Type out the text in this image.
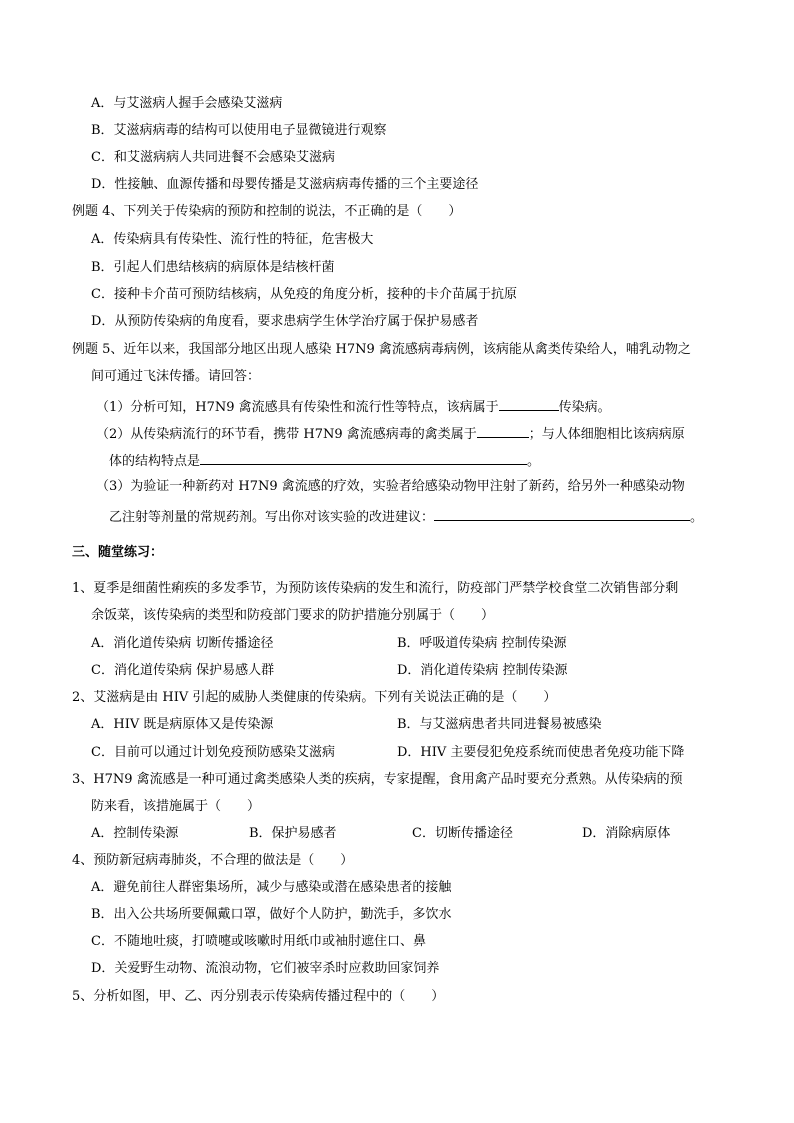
A．与艾滋病人握手会感染艾滋病
B．艾滋病病毒的结构可以使用电子显微镜进行观察
C．和艾滋病病人共同进餐不会感染艾滋病
D．性接触、血源传播和母婴传播是艾滋病病毒传播的三个主要途径
例题 4、下列关于传染病的预防和控制的说法，不正确的是（　　）
A．传染病具有传染性、流行性的特征，危害极大
B．引起人们患结核病的病原体是结核杆菌
C．接种卡介苗可预防结核病，从免疫的角度分析，接种的卡介苗属于抗原
D．从预防传染病的角度看，要求患病学生休学治疗属于保护易感者
例题 5、近年以来，我国部分地区出现人感染 H7N9 禽流感病毒病例，该病能从禽类传染给人，哺乳动物之
间可通过飞沫传播。请回答：
（1）分析可知，H7N9 禽流感具有传染性和流行性等特点，该病属于	传染病。
（2）从传染病流行的环节看，携带 H7N9 禽流感病毒的禽类属于	；与人体细胞相比该病病原
体的结构特点是	。
（3）为验证一种新药对 H7N9 禽流感的疗效，实验者给感染动物甲注射了新药，给另外一种感染动物
乙注射等剂量的常规药剂。写出你对该实验的改进建议：	。
三、随堂练习：
1、夏季是细菌性痢疾的多发季节，为预防该传染病的发生和流行，防疫部门严禁学校食堂二次销售部分剩
余饭菜，该传染病的类型和防疫部门要求的防护措施分别属于（　　）
A．消化道传染病 切断传播途径	B．呼吸道传染病 控制传染源
C．消化道传染病 保护易感人群	D．消化道传染病 控制传染源
2、艾滋病是由 HIV 引起的威胁人类健康的传染病。下列有关说法正确的是（　　）
A．HIV 既是病原体又是传染源	B．与艾滋病患者共同进餐易被感染
C．目前可以通过计划免疫预防感染艾滋病	D．HIV 主要侵犯免疫系统而使患者免疫功能下降
3、H7N9 禽流感是一种可通过禽类感染人类的疾病，专家提醒，食用禽产品时要充分煮熟。从传染病的预
防来看，该措施属于（　　）
A．控制传染源	B．保护易感者	C．切断传播途径	D．消除病原体
4、预防新冠病毒肺炎，不合理的做法是（　　）
A．避免前往人群密集场所，减少与感染或潜在感染患者的接触
B．出入公共场所要佩戴口罩，做好个人防护，勤洗手，多饮水
C．不随地吐痰，打喷嚏或咳嗽时用纸巾或袖肘遮住口、鼻
D．关爱野生动物、流浪动物，它们被宰杀时应救助回家饲养
5、分析如图，甲、乙、丙分别表示传染病传播过程中的（　　）
